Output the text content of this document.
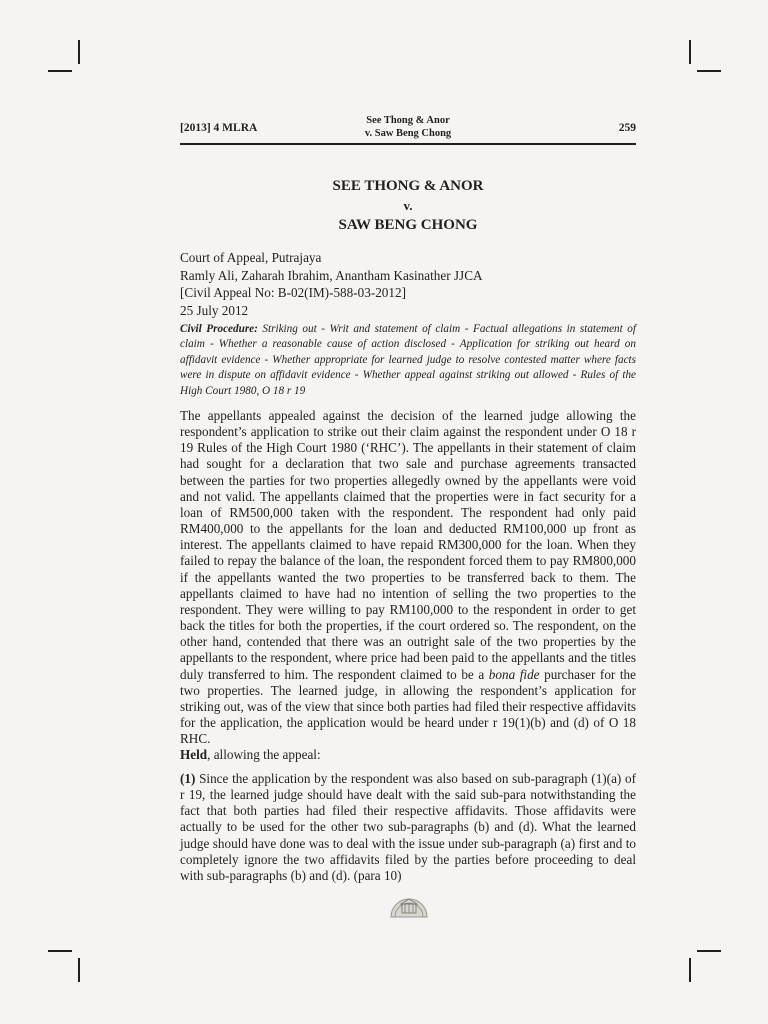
[2013] 4 MLRA
See Thong & Anor
v. Saw Beng Chong	259
SEE THONG & ANOR
v.
SAW BENG CHONG
Court of Appeal, Putrajaya
Ramly Ali, Zaharah Ibrahim, Anantham Kasinather JJCA
[Civil Appeal No: B-02(IM)-588-03-2012]
25 July 2012
Civil Procedure: Striking out - Writ and statement of claim - Factual allegations in statement of claim - Whether a reasonable cause of action disclosed - Application for striking out heard on affidavit evidence - Whether appropriate for learned judge to resolve contested matter where facts were in dispute on affidavit evidence - Whether appeal against striking out allowed - Rules of the High Court 1980, O 18 r 19

The appellants appealed against the decision of the learned judge allowing the respondent’s application to strike out their claim against the respondent under O 18 r 19 Rules of the High Court 1980 (‘RHC’). The appellants in their statement of claim had sought for a declaration that two sale and purchase agreements transacted between the parties for two properties allegedly owned by the appellants were void and not valid. The appellants claimed that the properties were in fact security for a loan of RM500,000 taken with the respondent. The respondent had only paid RM400,000 to the appellants for the loan and deducted RM100,000 up front as interest. The appellants claimed to have repaid RM300,000 for the loan. When they failed to repay the balance of the loan, the respondent forced them to pay RM800,000 if the appellants wanted the two properties to be transferred back to them. The appellants claimed to have had no intention of selling the two properties to the respondent. They were willing to pay RM100,000 to the respondent in order to get back the titles for both the properties, if the court ordered so. The respondent, on the other hand, contended that there was an outright sale of the two properties by the appellants to the respondent, where price had been paid to the appellants and the titles duly transferred to him. The respondent claimed to be a bona fide purchaser for the two properties. The learned judge, in allowing the respondent’s application for striking out, was of the view that since both parties had filed their respective affidavits for the application, the application would be heard under r 19(1)(b) and (d) of O 18 RHC.

Held, allowing the appeal:

(1) Since the application by the respondent was also based on sub-paragraph (1)(a) of r 19, the learned judge should have dealt with the said sub-para notwithstanding the fact that both parties had filed their respective affidavits. Those affidavits were actually to be used for the other two sub-paragraphs (b) and (d). What the learned judge should have done was to deal with the issue under sub-paragraph (a) first and to completely ignore the two affidavits filed by the parties before proceeding to deal with sub-paragraphs (b) and (d). (para 10)
